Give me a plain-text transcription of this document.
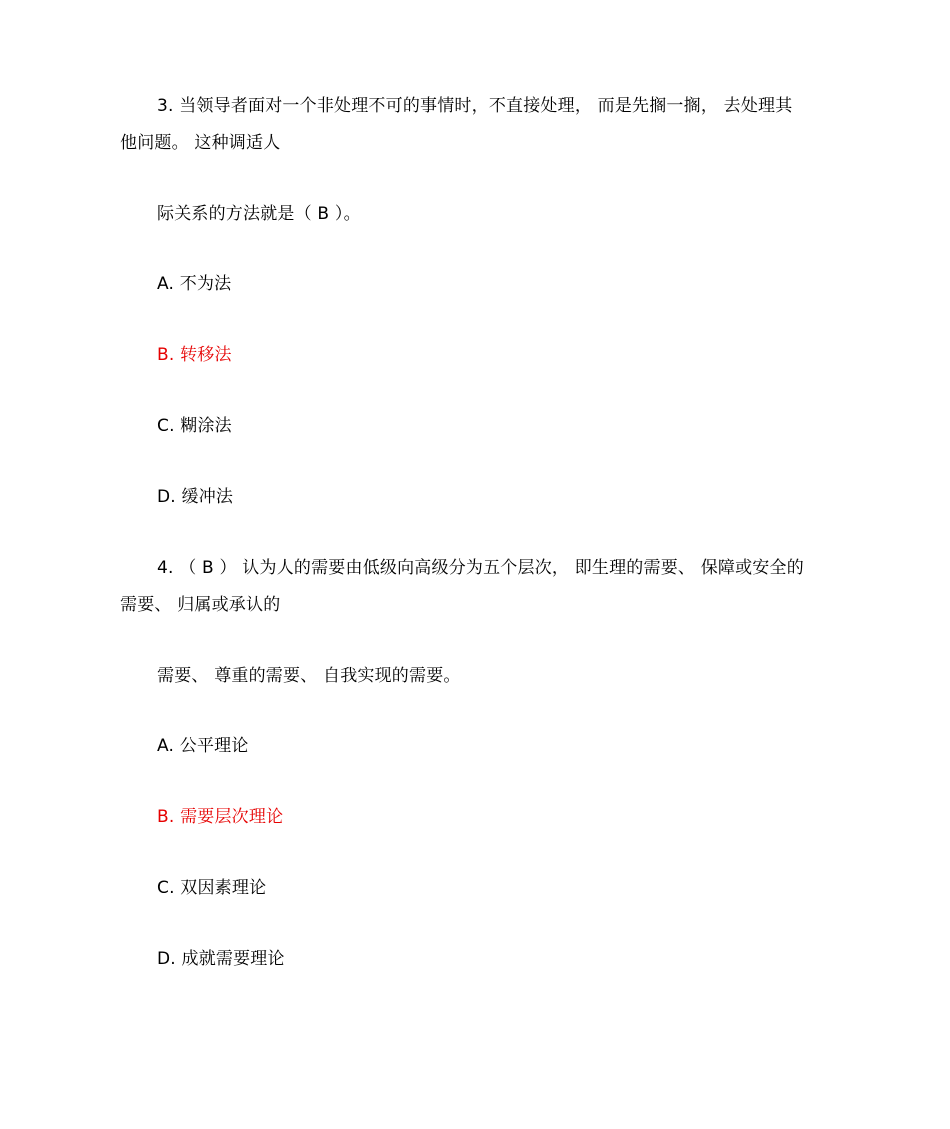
3. 当领导者面对一个非处理不可的事情时，不直接处理， 而是先搁一搁， 去处理其
他问题。 这种调适人
际关系的方法就是（ B ）。
A. 不为法
B. 转移法
C. 糊涂法
D. 缓冲法
4. （ B ） 认为人的需要由低级向高级分为五个层次， 即生理的需要、 保障或安全的
需要、 归属或承认的
需要、 尊重的需要、 自我实现的需要。
A. 公平理论
B. 需要层次理论
C. 双因素理论
D. 成就需要理论
